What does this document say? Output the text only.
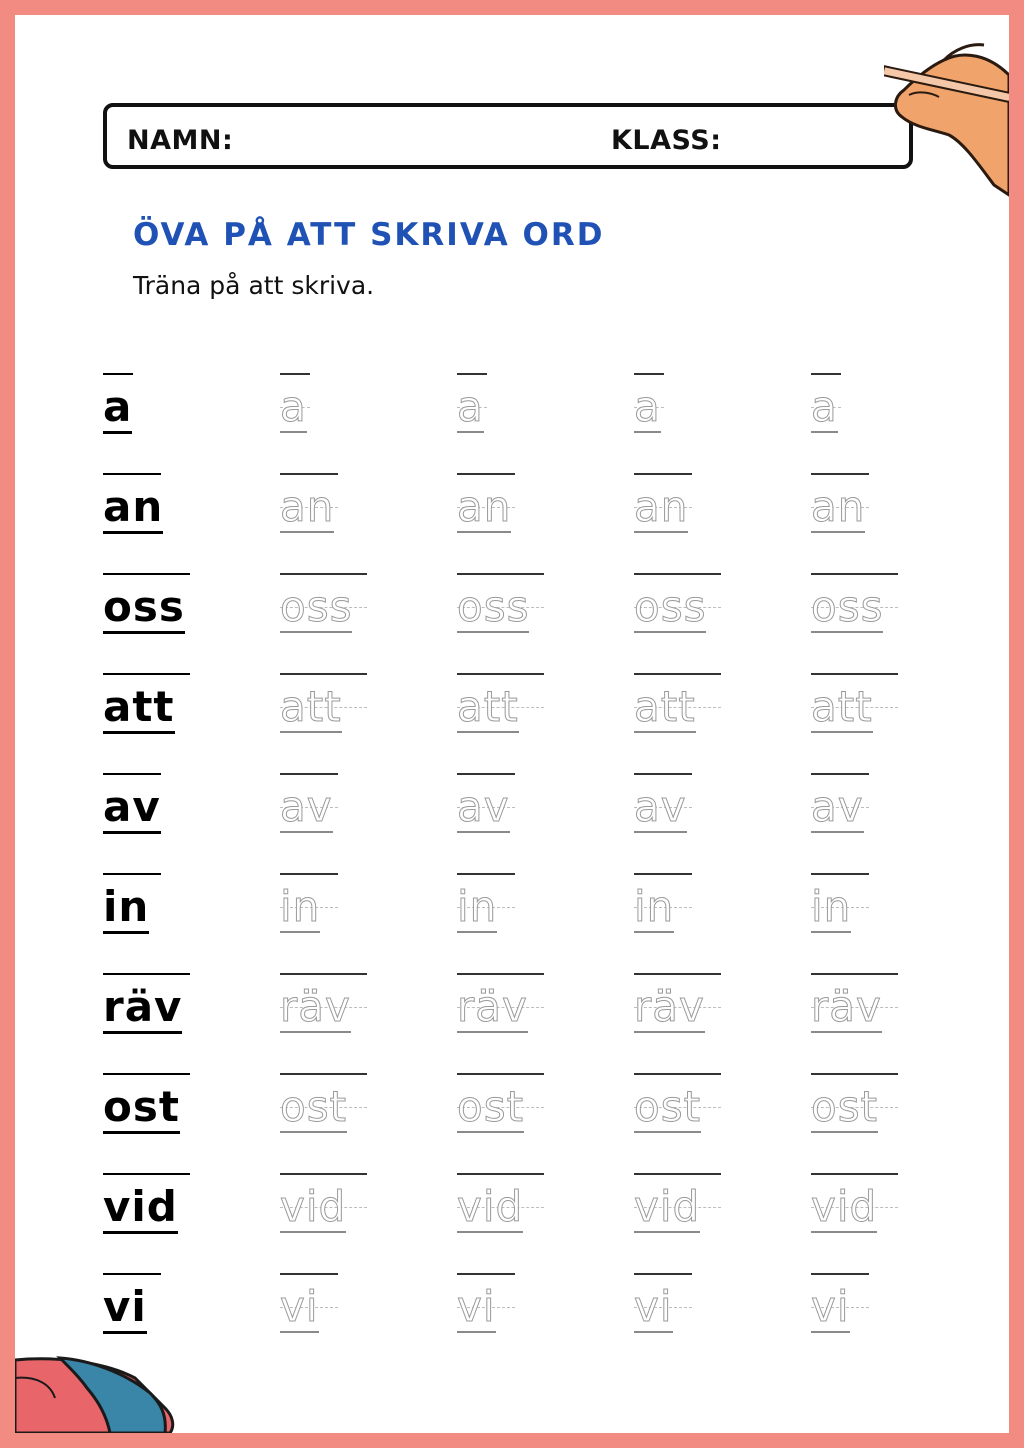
NAMN:	KLASS:
ÖVA PÅ ATT SKRIVA ORD
Träna på att skriva.
a	a	a	a	a
an	an	an	an	an
oss oss oss oss oss
att	att	att	att	att
av	av	av	av	av
in	in	in	in	in
räv räv	räv	räv	räv
ost ost	ost	ost	ost
vid vid	vid	vid	vid
vi	vi	vi	vi	vi
